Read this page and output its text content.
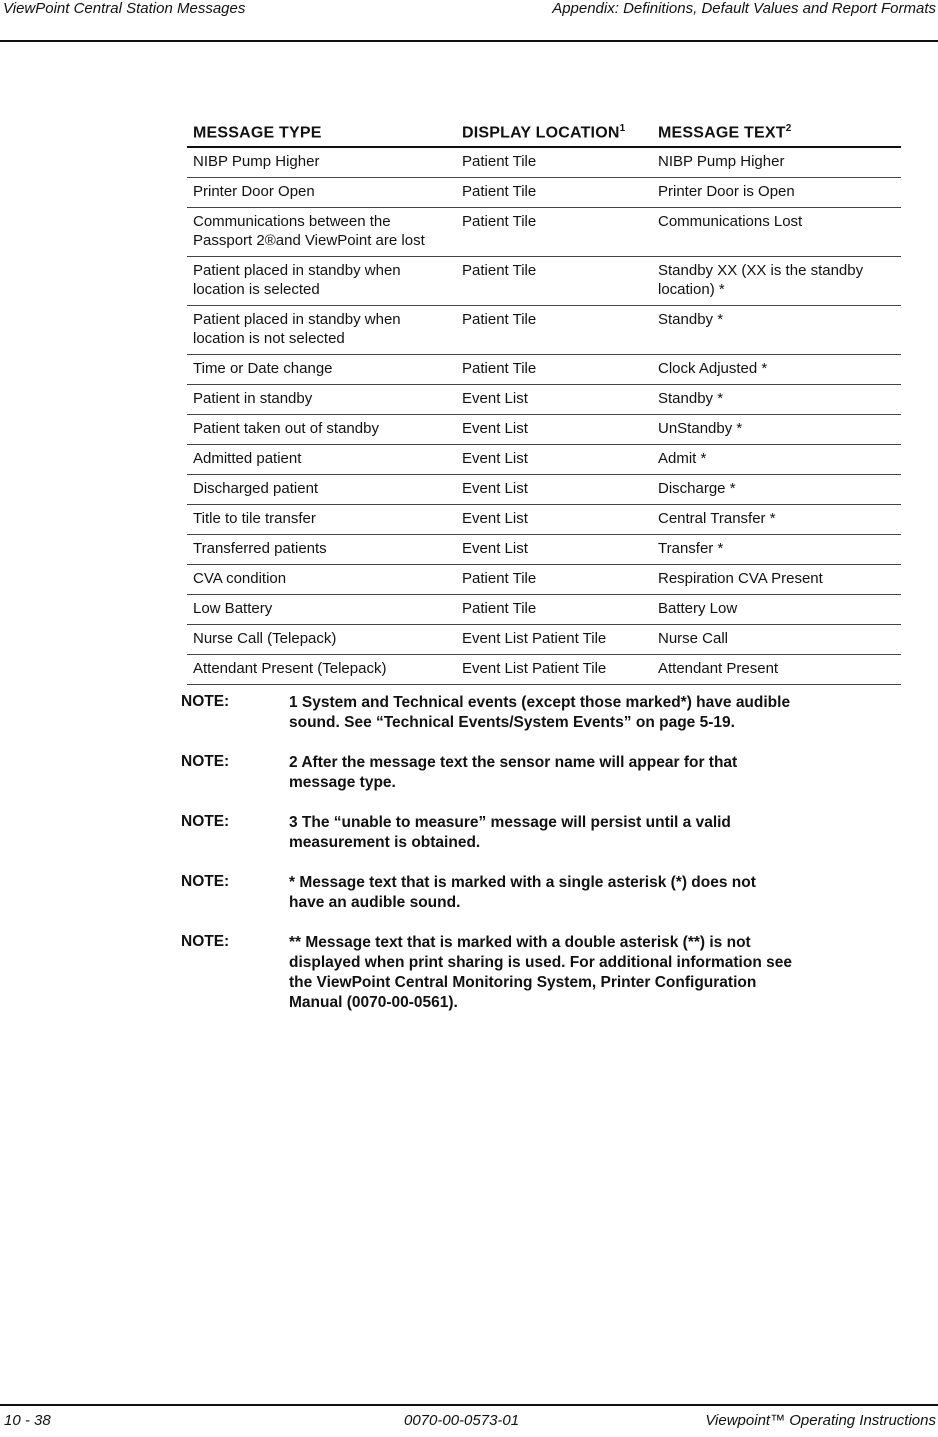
ViewPoint Central Station Messages	Appendix: Definitions, Default Values and Report Formats
MESSAGE TYPE	DISPLAY LOCATION$^1$	MESSAGE TEXT$^2$
NIBP Pump Higher	Patient Tile	NIBP Pump Higher
Printer Door Open	Patient Tile	Printer Door is Open
Communications between the Passport 2®and ViewPoint are lost	Patient Tile	Communications Lost
Patient placed in standby when location is selected	Patient Tile	Standby XX (XX is the standby location) *
Patient placed in standby when location is not selected	Patient Tile	Standby *
Time or Date change	Patient Tile	Clock Adjusted *
Patient in standby	Event List	Standby *
Patient taken out of standby	Event List	UnStandby *
Admitted patient	Event List	Admit *
Discharged patient	Event List	Discharge *
Title to tile transfer	Event List	Central Transfer *
Transferred patients	Event List	Transfer *
CVA condition	Patient Tile	Respiration CVA Present
Low Battery	Patient Tile	Battery Low
Nurse Call (Telepack)	Event List Patient Tile	Nurse Call
Attendant Present (Telepack)	Event List Patient Tile	Attendant Present
NOTE:	1 System and Technical events (except those marked*) have audible sound. See “Technical Events/System Events” on page 5-19.
NOTE:	2 After the message text the sensor name will appear for that message type.
NOTE:	3 The “unable to measure” message will persist until a valid measurement is obtained.
NOTE:	* Message text that is marked with a single asterisk (*) does not have an audible sound.
NOTE:	** Message text that is marked with a double asterisk (**) is not displayed when print sharing is used. For additional information see the ViewPoint Central Monitoring System, Printer Configuration Manual (0070-00-0561).
10 - 38	0070-00-0573-01	Viewpoint™ Operating Instructions
